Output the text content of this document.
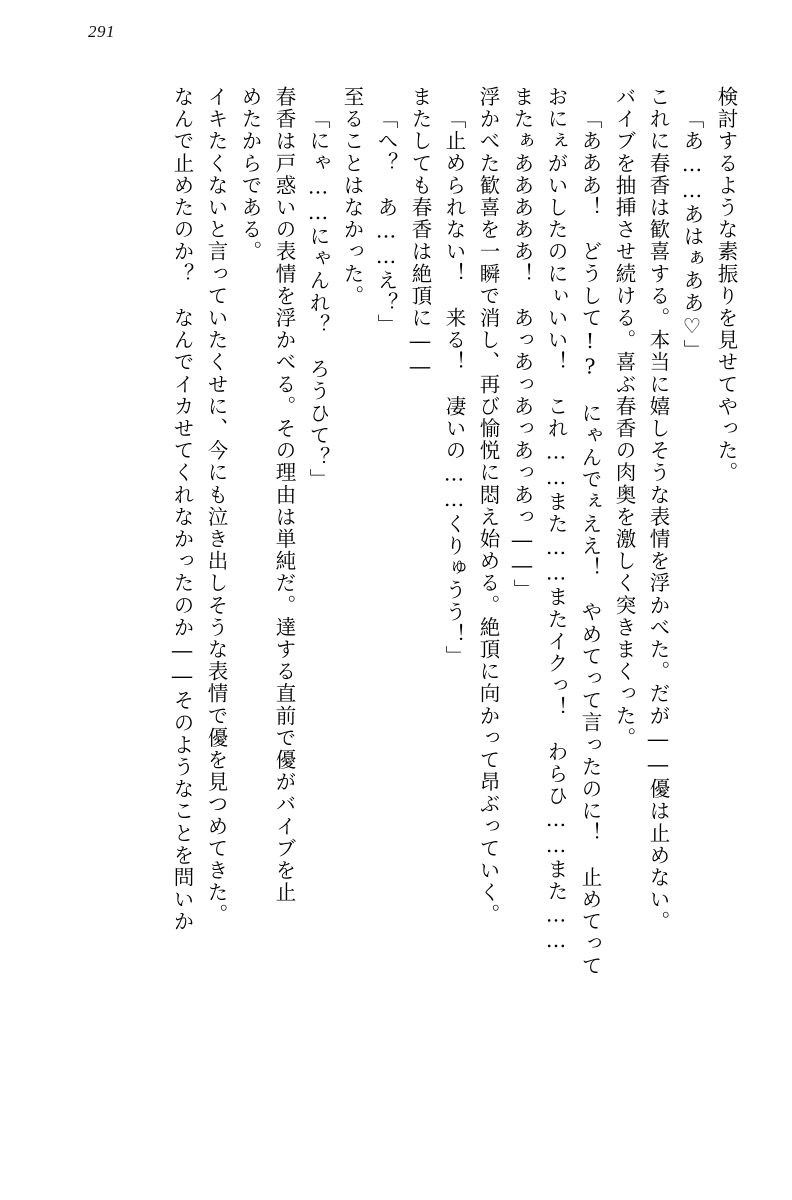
291
検討するような素振りを見せてやった。
「あ……あはぁああ♡」
これに春香は歓喜する。本当に嬉しそうな表情を浮かべた。だが――優は止めない。
バイブを抽挿させ続ける。喜ぶ春香の肉奥を激しく突きまくった。
「あああ！　どうして!?　にゃんでぇええ！　やめてって言ったのに！　止めてって
おにぇがいしたのにぃいい！　これ……また……またイクっ！　わらひ……また……
またぁあああああ！　あっあっあっあっあっ――」
浮かべた歓喜を一瞬で消し、再び愉悦に悶え始める。絶頂に向かって昂ぶっていく。
「止められない！　来る！　凄いの……くりゅうう！」
またしても春香は絶頂に――
「へ？　あ……え？」
至ることはなかった。
「にゃ……にゃんれ？　ろうひて？」
春香は戸惑いの表情を浮かべる。その理由は単純だ。達する直前で優がバイブを止
めたからである。
イキたくないと言っていたくせに、今にも泣き出しそうな表情で優を見つめてきた。
なんで止めたのか？　なんでイカせてくれなかったのか――そのようなことを問いか
